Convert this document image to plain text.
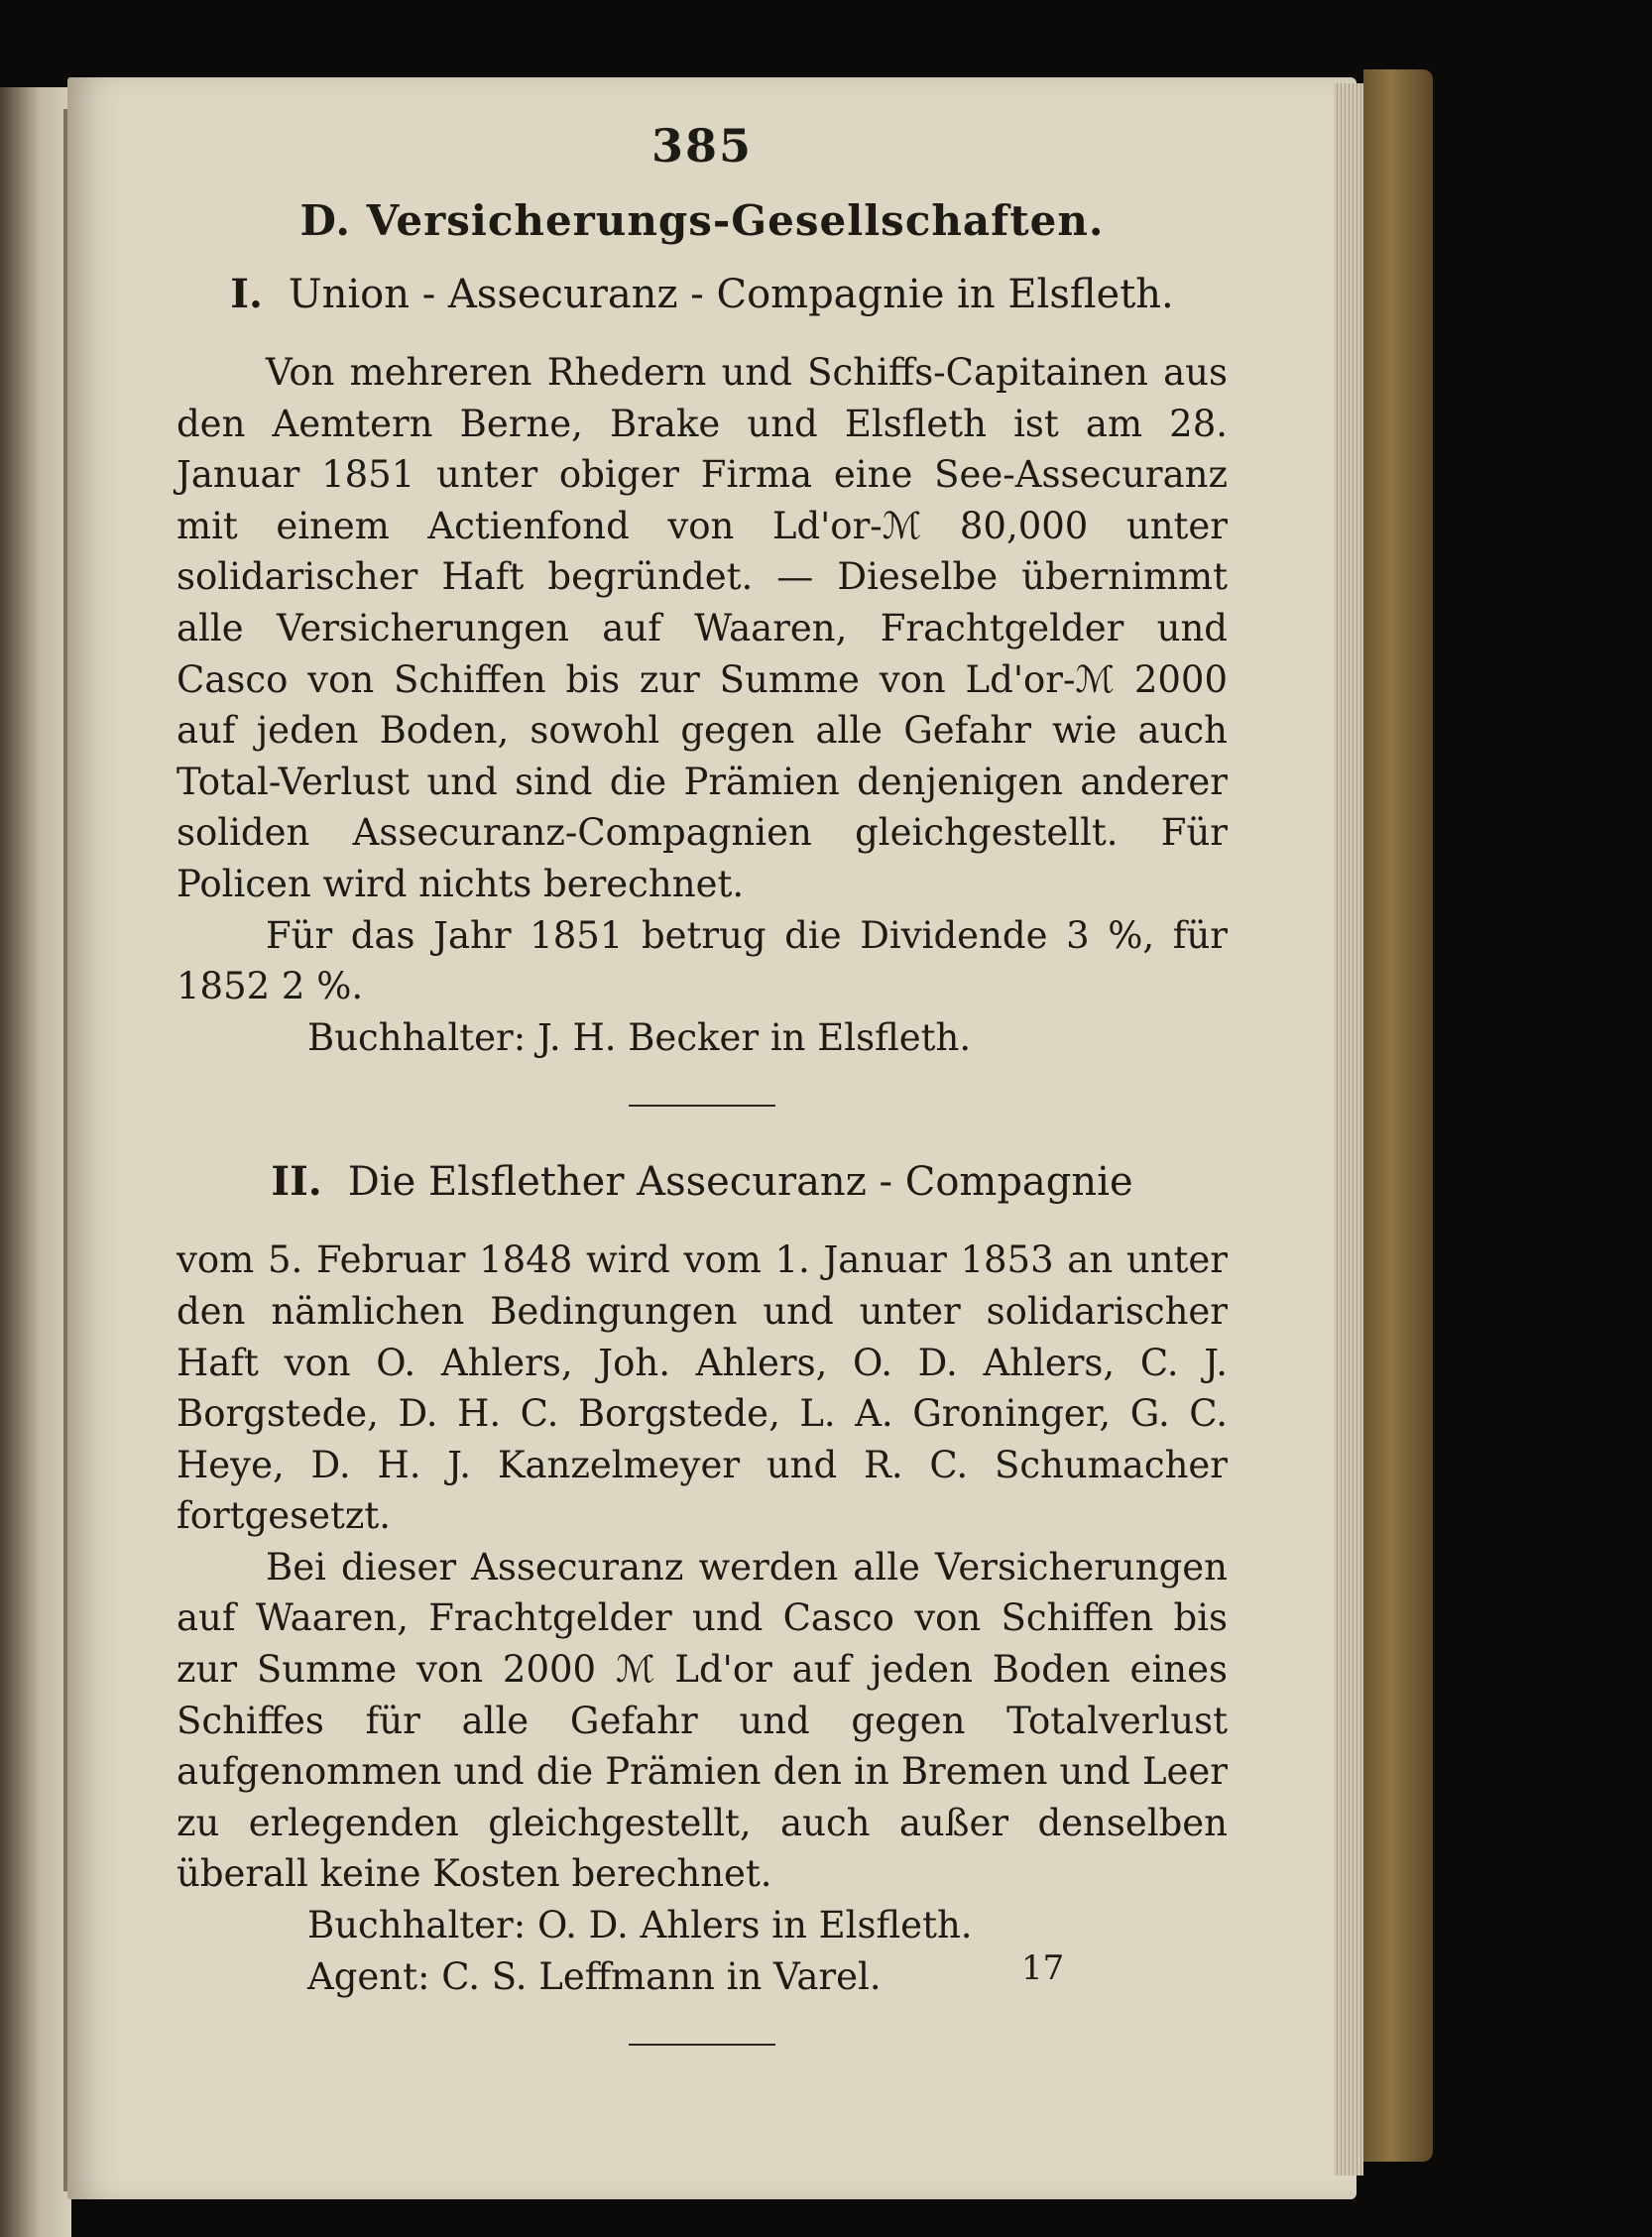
385
D. Versicherungs-Gesellschaften.
I. Union - Assecuranz - Compagnie in Elsfleth.

Von mehreren Rhedern und Schiffs-Capitainen aus den Aemtern Berne, Brake und Elsfleth ist am 28. Januar 1851 unter obiger Firma eine See-Assecuranz mit einem Actienfond von Ld'or-ℳ 80,000 unter solidarischer Haft begründet. — Dieselbe übernimmt alle Versicherungen auf Waaren, Frachtgelder und Casco von Schiffen bis zur Summe von Ld'or-ℳ 2000 auf jeden Boden, sowohl gegen alle Gefahr wie auch Total-Verlust und sind die Prämien denjenigen anderer soliden Assecuranz-Compagnien gleichgestellt. Für Policen wird nichts berechnet.

Für das Jahr 1851 betrug die Dividende 3 %, für 1852 2 %.

Buchhalter: J. H. Becker in Elsfleth.

II. Die Elsflether Assecuranz - Compagnie

vom 5. Februar 1848 wird vom 1. Januar 1853 an unter den nämlichen Bedingungen und unter solidarischer Haft von O. Ahlers, Joh. Ahlers, O. D. Ahlers, C. J. Borgstede, D. H. C. Borgstede, L. A. Groninger, G. C. Heye, D. H. J. Kanzelmeyer und R. C. Schumacher fortgesetzt.

Bei dieser Assecuranz werden alle Versicherungen auf Waaren, Frachtgelder und Casco von Schiffen bis zur Summe von 2000 ℳ Ld'or auf jeden Boden eines Schiffes für alle Gefahr und gegen Totalverlust aufgenommen und die Prämien den in Bremen und Leer zu erlegenden gleichgestellt, auch außer denselben überall keine Kosten berechnet.

Buchhalter: O. D. Ahlers in Elsfleth.

Agent: C. S. Leffmann in Varel.	17
